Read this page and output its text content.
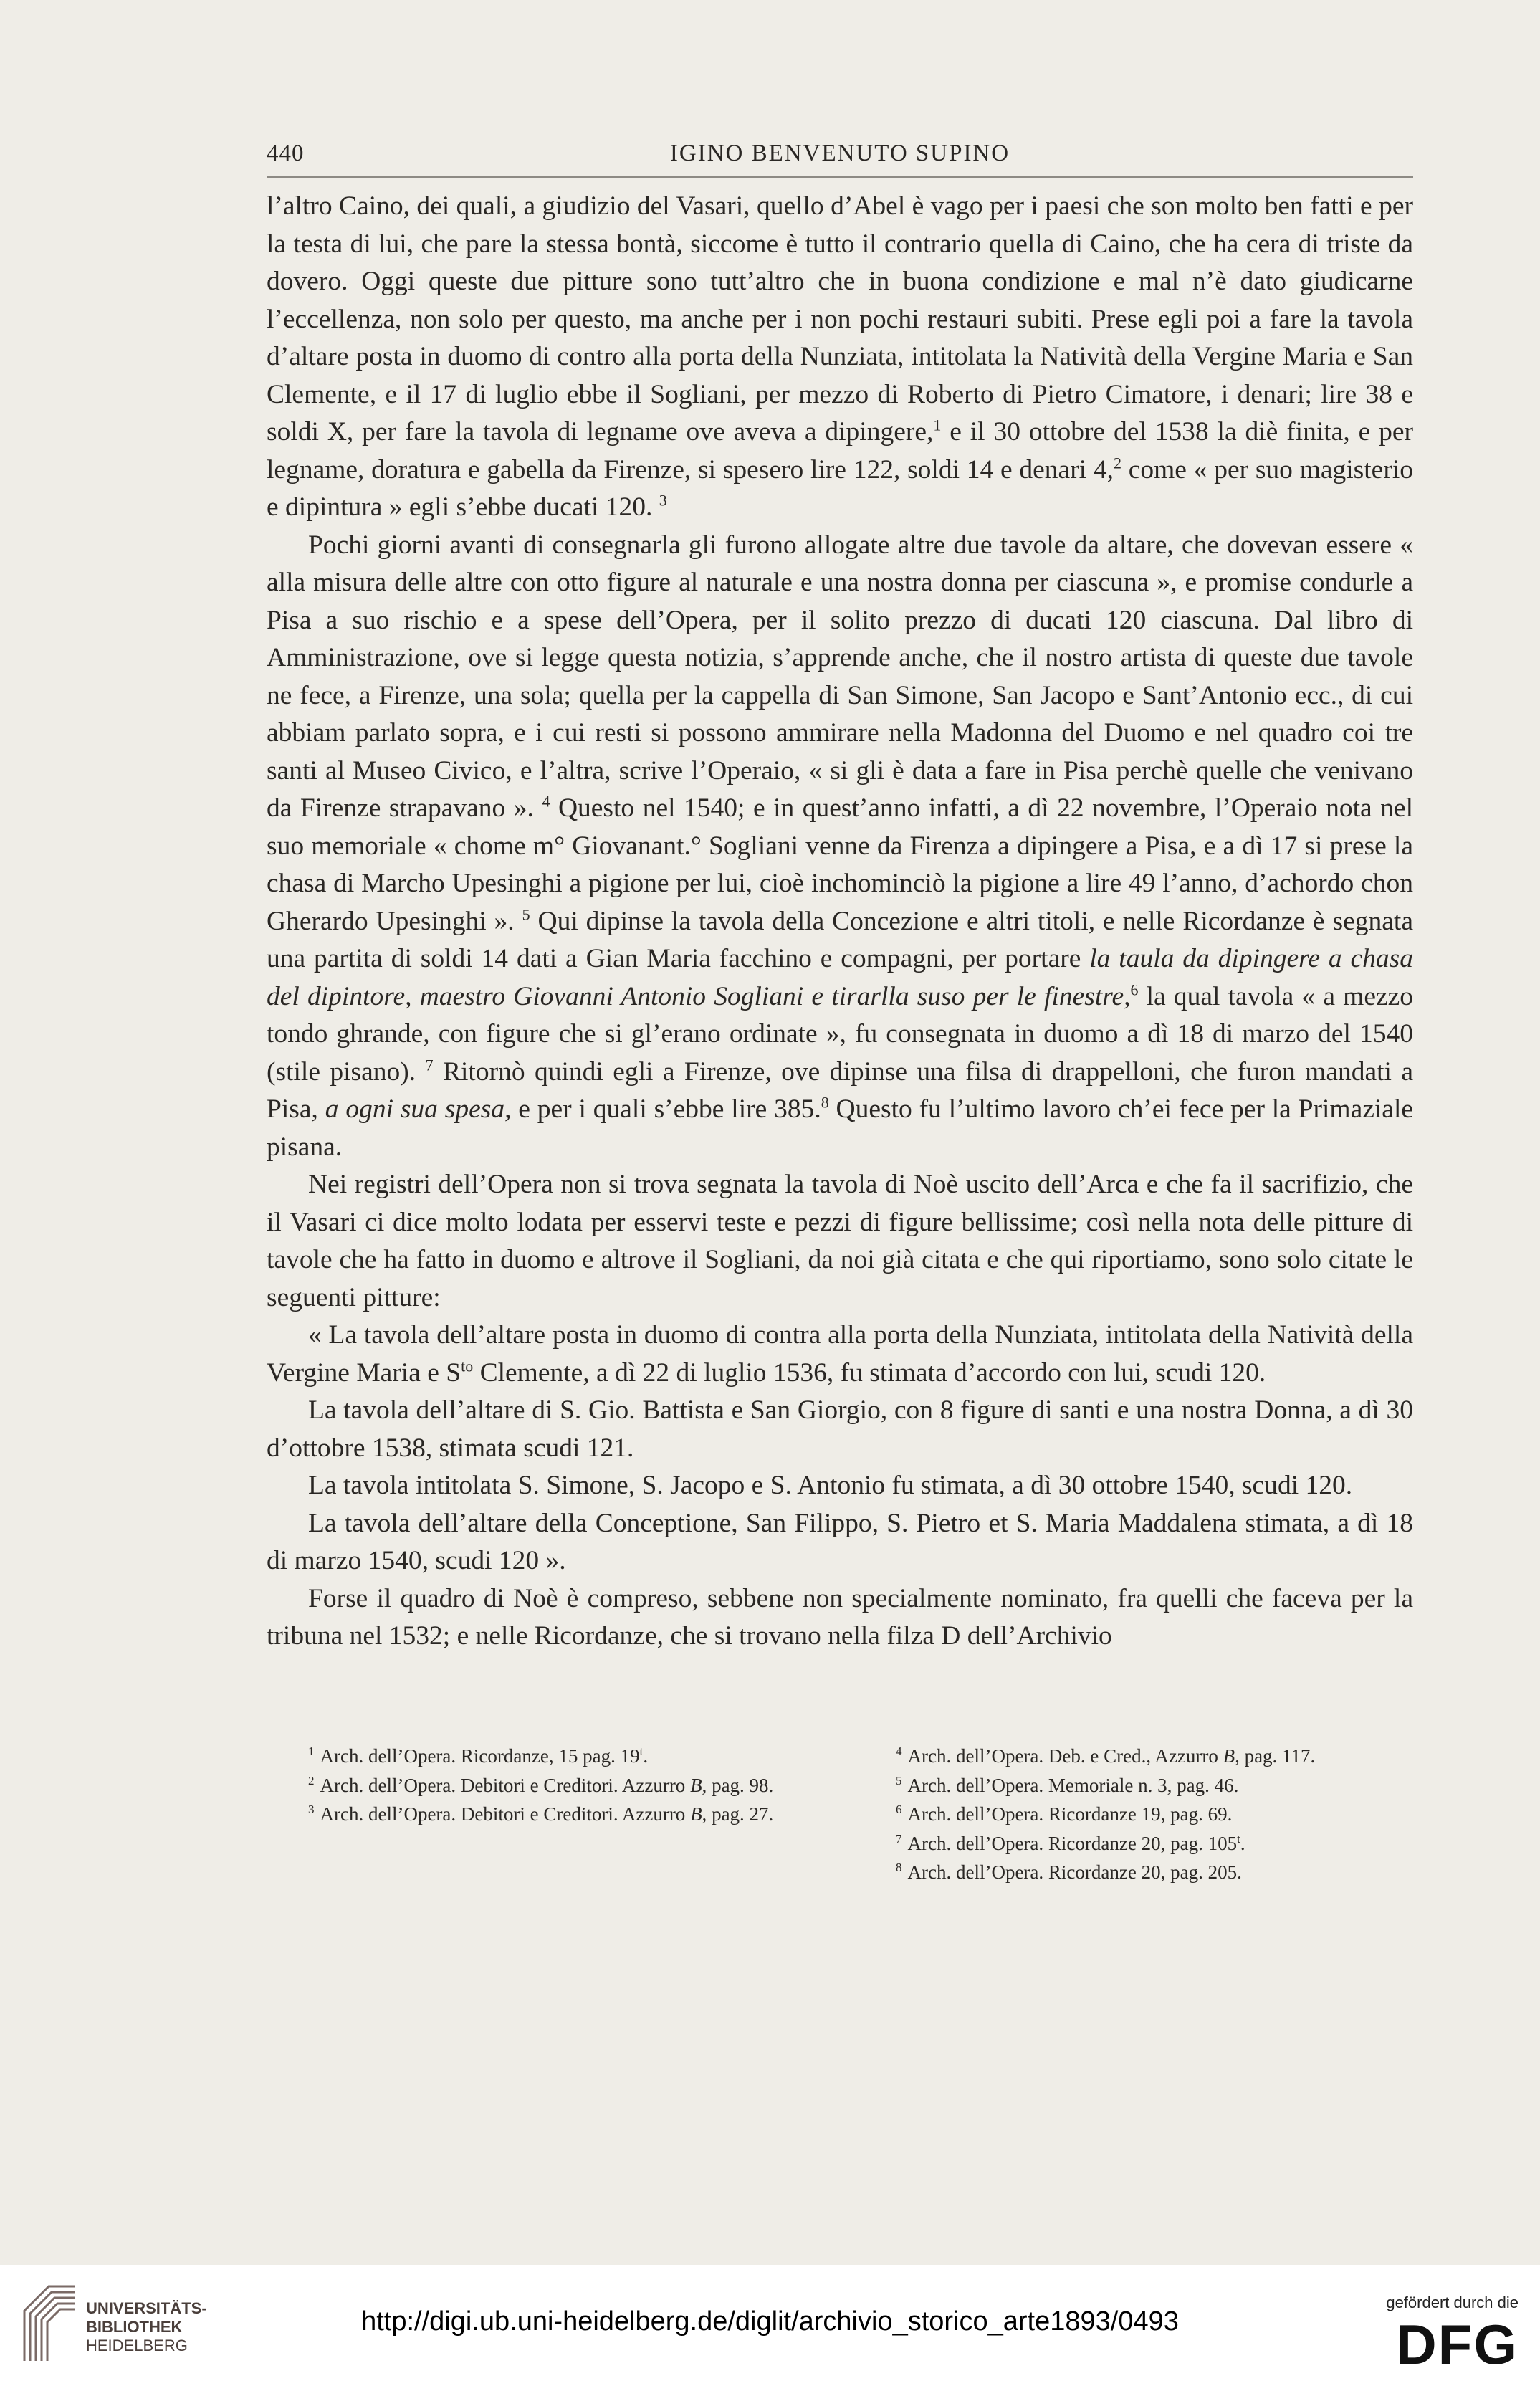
440	IGINO BENVENUTO SUPINO

l’altro Caino, dei quali, a giudizio del Vasari, quello d’Abel è vago per i paesi che son molto ben fatti e per la testa di lui, che pare la stessa bontà, siccome è tutto il contrario quella di Caino, che ha cera di triste da dovero. Oggi queste due pitture sono tutt’altro che in buona condizione e mal n’è dato giudicarne l’eccellenza, non solo per questo, ma anche per i non pochi restauri subiti. Prese egli poi a fare la tavola d’altare posta in duomo di contro alla porta della Nunziata, intitolata la Natività della Vergine Maria e San Clemente, e il 17 di luglio ebbe il Sogliani, per mezzo di Roberto di Pietro Cimatore, i denari; lire 38 e soldi X, per fare la tavola di legname ove aveva a dipingere,$^1$ e il 30 ottobre del 1538 la diè finita, e per legname, doratura e gabella da Firenze, si spesero lire 122, soldi 14 e denari 4,$^2$ come « per suo magisterio e dipintura » egli s’ebbe ducati 120. $^3$

Pochi giorni avanti di consegnarla gli furono allogate altre due tavole da altare, che dovevan essere « alla misura delle altre con otto figure al naturale e una nostra donna per ciascuna », e promise condurle a Pisa a suo rischio e a spese dell’Opera, per il solito prezzo di ducati 120 ciascuna. Dal libro di Amministrazione, ove si legge questa notizia, s’apprende anche, che il nostro artista di queste due tavole ne fece, a Firenze, una sola; quella per la cappella di San Simone, San Jacopo e Sant’Antonio ecc., di cui abbiam parlato sopra, e i cui resti si possono ammirare nella Madonna del Duomo e nel quadro coi tre santi al Museo Civico, e l’altra, scrive l’Operaio, « si gli è data a fare in Pisa perchè quelle che venivano da Firenze strapavano ». $^4$ Questo nel 1540; e in quest’anno infatti, a dì 22 novembre, l’Operaio nota nel suo memoriale « chome m° Giovanant.° Sogliani venne da Firenza a dipingere a Pisa, e a dì 17 si prese la chasa di Marcho Upesinghi a pigione per lui, cioè inchominciò la pigione a lire 49 l’anno, d’achordo chon Gherardo Upesinghi ». $^5$ Qui dipinse la tavola della Concezione e altri titoli, e nelle Ricordanze è segnata una partita di soldi 14 dati a Gian Maria facchino e compagni, per portare la taula da dipingere a chasa del dipintore, maestro Giovanni Antonio Sogliani e tirarlla suso per le finestre,$^6$ la qual tavola « a mezzo tondo ghrande, con figure che si gl’erano ordinate », fu consegnata in duomo a dì 18 di marzo del 1540 (stile pisano). $^7$ Ritornò quindi egli a Firenze, ove dipinse una filsa di drappelloni, che furon mandati a Pisa, a ogni sua spesa, e per i quali s’ebbe lire 385.$^8$ Questo fu l’ultimo lavoro ch’ei fece per la Primaziale pisana.

Nei registri dell’Opera non si trova segnata la tavola di Noè uscito dell’Arca e che fa il sacrifizio, che il Vasari ci dice molto lodata per esservi teste e pezzi di figure bellissime; così nella nota delle pitture di tavole che ha fatto in duomo e altrove il Sogliani, da noi già citata e che qui riportiamo, sono solo citate le seguenti pitture:

« La tavola dell’altare posta in duomo di contra alla porta della Nunziata, intitolata della Natività della Vergine Maria e $S^{to}$ Clemente, a dì 22 di luglio 1536, fu stimata d’accordo con lui, scudi 120.

La tavola dell’altare di S. Gio. Battista e San Giorgio, con 8 figure di santi e una nostra Donna, a dì 30 d’ottobre 1538, stimata scudi 121.

La tavola intitolata S. Simone, S. Jacopo e S. Antonio fu stimata, a dì 30 ottobre 1540, scudi 120.

La tavola dell’altare della Conceptione, San Filippo, S. Pietro et S. Maria Maddalena stimata, a dì 18 di marzo 1540, scudi 120 ».

Forse il quadro di Noè è compreso, sebbene non specialmente nominato, fra quelli che faceva per la tribuna nel 1532; e nelle Ricordanze, che si trovano nella filza D dell’Archivio

$^1$ Arch. dell’Opera. Ricordanze, 15 pag. 19$^t$.

$^2$ Arch. dell’Opera. Debitori e Creditori. Azzurro B, pag. 98.

$^3$ Arch. dell’Opera. Debitori e Creditori. Azzurro B, pag. 27.

$^4$ Arch. dell’Opera. Deb. e Cred., Azzurro B, pag. 117.

$^5$ Arch. dell’Opera. Memoriale n. 3, pag. 46.

$^6$ Arch. dell’Opera. Ricordanze 19, pag. 69.

$^7$ Arch. dell’Opera. Ricordanze 20, pag. 105$^t$.

$^8$ Arch. dell’Opera. Ricordanze 20, pag. 205.

UNIVERSITÄTS-
BIBLIOTHEK
HEIDELBERG
http://digi.ub.uni-heidelberg.de/diglit/archivio_storico_arte1893/0493
gefördert durch die
DFG
